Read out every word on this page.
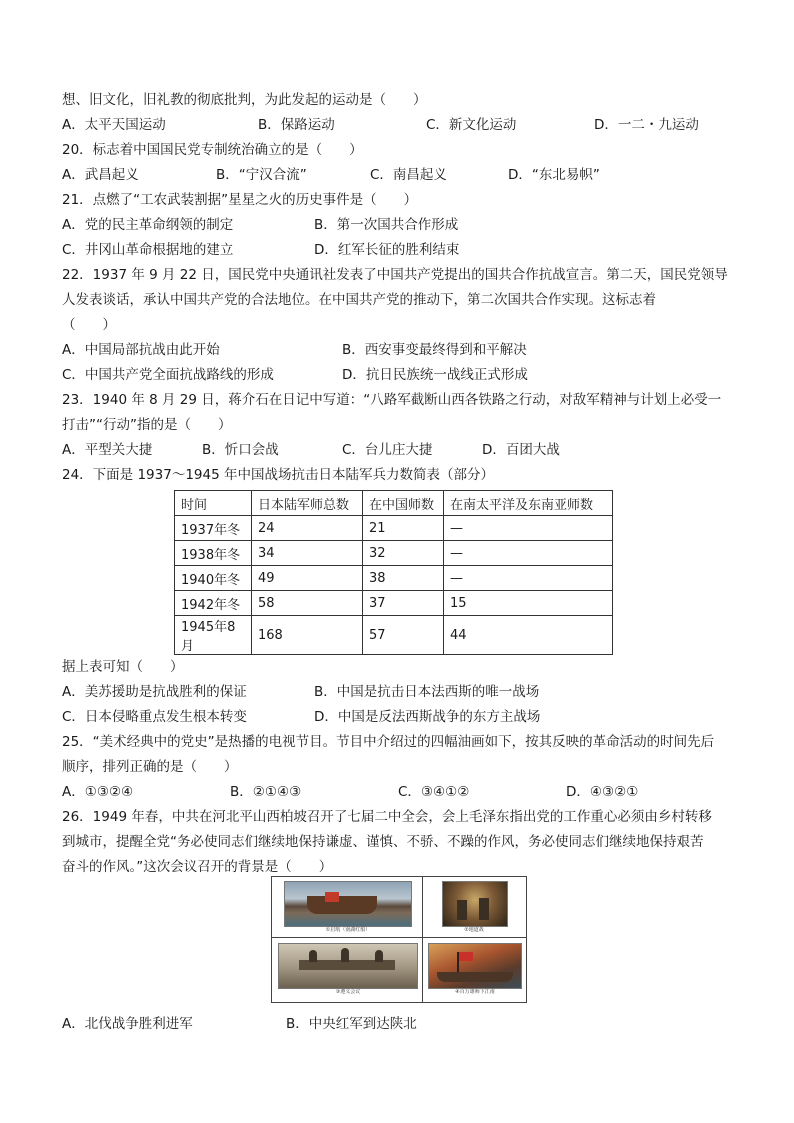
想、旧文化，旧礼教的彻底批判，为此发起的运动是（　　）
A．太平天国运动	B．保路运动	C．新文化运动	D．一二・九运动
20．标志着中国国民党专制统治确立的是（　　）
A．武昌起义	B．“宁汉合流”	C．南昌起义	D．“东北易帜”
21．点燃了“工农武装割据”星星之火的历史事件是（　　）
A．党的民主革命纲领的制定	B．第一次国共合作形成
C．井冈山革命根据地的建立	D．红军长征的胜利结束
22．1937 年 9 月 22 日，国民党中央通讯社发表了中国共产党提出的国共合作抗战宣言。第二天，国民党领导
人发表谈话，承认中国共产党的合法地位。在中国共产党的推动下，第二次国共合作实现。这标志着
（　　）
A．中国局部抗战由此开始	B．西安事变最终得到和平解决
C．中国共产党全面抗战路线的形成	D．抗日民族统一战线正式形成
23．1940 年 8 月 29 日，蒋介石在日记中写道：“八路军截断山西各铁路之行动，对敌军精神与计划上必受一
打击”“行动”指的是（　　）
A．平型关大捷	B．忻口会战	C．台儿庄大捷	D．百团大战
24．下面是 1937～1945 年中国战场抗击日本陆军兵力数简表（部分）
时间	日本陆军师总数	在中国师数	在南太平洋及东南亚师数
1937年冬	24	21	—
1938年冬	34	32	—
1940年冬	49	38	—
1942年冬	58	37	15
1945年8月	168	57	44
据上表可知（　　）
A．美苏援助是抗战胜利的保证	B．中国是抗击日本法西斯的唯一战场
C．日本侵略重点发生根本转变	D．中国是反法西斯战争的东方主战场
25．“美术经典中的党史”是热播的电视节目。节目中介绍过的四幅油画如下，按其反映的革命活动的时间先后
顺序，排列正确的是（　　）
A．①③②④	B．②①④③	C．③④①②	D．④③②①
26．1949 年春，中共在河北平山西柏坡召开了七届二中全会，会上毛泽东指出党的工作重心必须由乡村转移
到城市，提醒全党“务必使同志们继续地保持谦虚、谨慎、不骄、不躁的作风，务必使同志们继续地保持艰苦
奋斗的作风。”这次会议召开的背景是（　　）
①启航（南湖红船）	②地道战
③遵义会议	④百万雄师下江南
A．北伐战争胜利进军	B．中央红军到达陕北
